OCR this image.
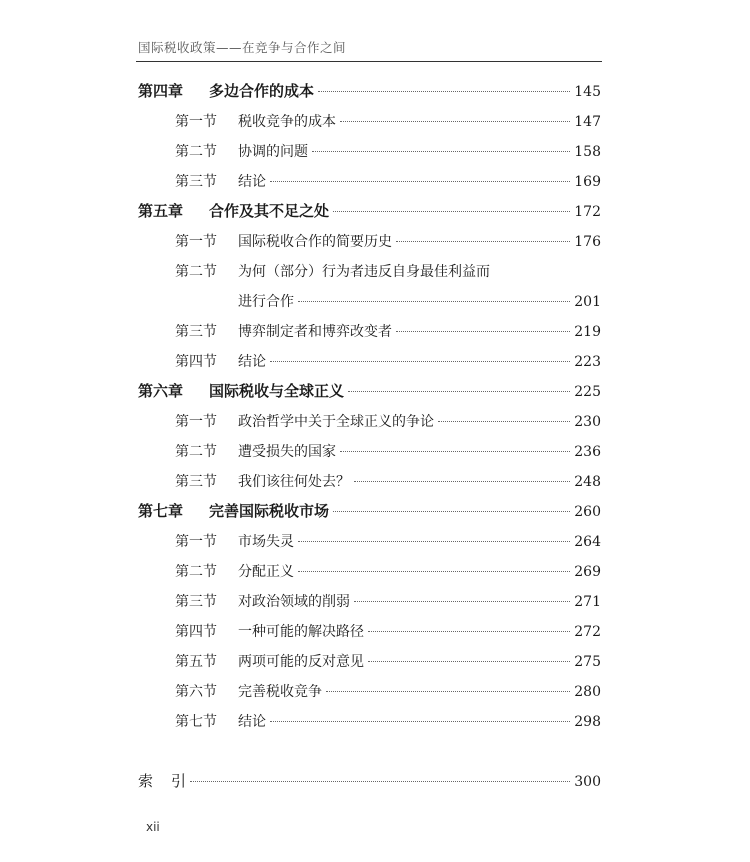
国际税收政策——在竞争与合作之间
第四章 多边合作的成本	145
第一节 税收竞争的成本	147
第二节 协调的问题	158
第三节 结论	169
第五章 合作及其不足之处	172
第一节 国际税收合作的简要历史	176
第二节 为何（部分）行为者违反自身最佳利益而
进行合作	201
第三节 博弈制定者和博弈改变者	219
第四节 结论	223
第六章 国际税收与全球正义	225
第一节 政治哲学中关于全球正义的争论	230
第二节 遭受损失的国家	236
第三节 我们该往何处去？	248
第七章 完善国际税收市场	260
第一节 市场失灵	264
第二节 分配正义	269
第三节 对政治领域的削弱	271
第四节 一种可能的解决路径	272
第五节 两项可能的反对意见	275
第六节 完善税收竞争	280
第七节 结论	298
索 引	300
xii
